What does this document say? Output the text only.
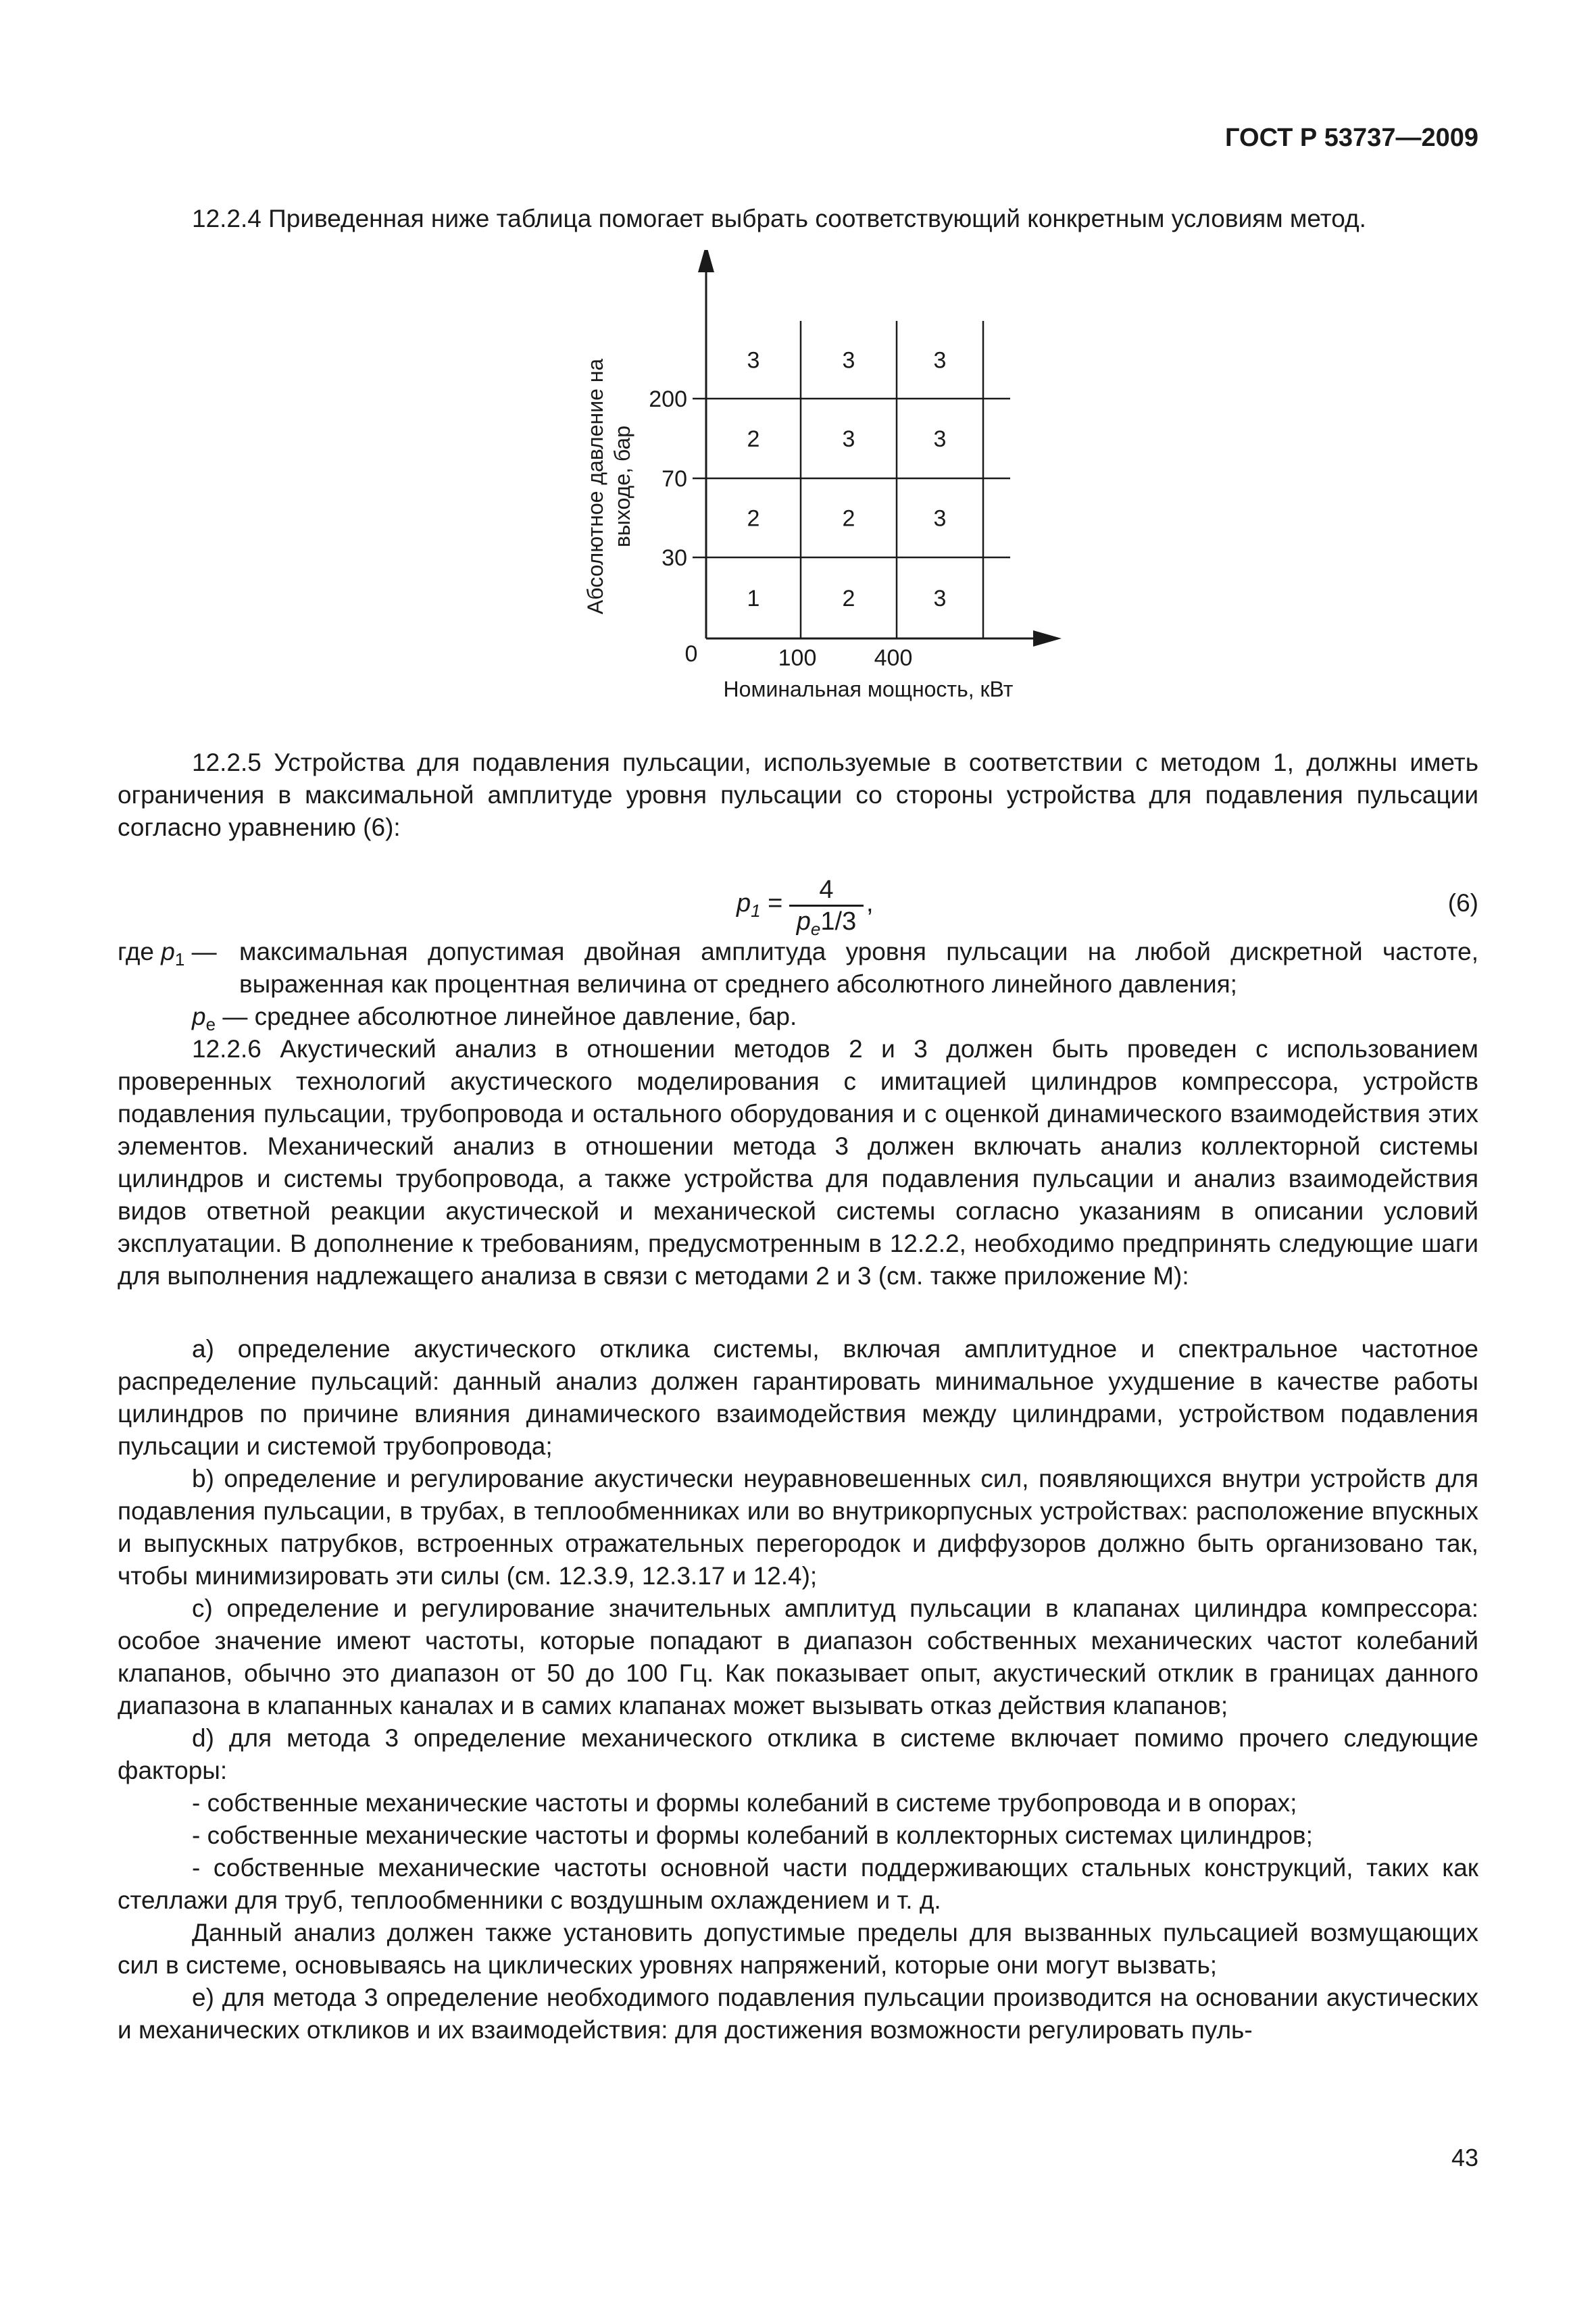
ГОСТ Р 53737—2009

12.2.4 Приведенная ниже таблица помогает выбрать соответствующий конкретным условиям метод.

3	3	3
2	3	3
2	2	3
1	2	3
30
70
200
0	100	400
Номинальная мощность, кВт
Абсолютное давление на выходе, бар

12.2.5 Устройства для подавления пульсации, используемые в соответствии с методом 1, должны иметь ограничения в максимальной амплитуде уровня пульсации со стороны устройства для подавления пульсации согласно уравнению (6):

$p_1$ =	4
$p_e1/3$
,	(6)
где $p_1$ — максимальная допустимая двойная амплитуда уровня пульсации на любой дискретной частоте, выраженная как процентная величина от среднего абсолютного линейного давления;
$p_e$ — среднее абсолютное линейное давление, бар.

12.2.6 Акустический анализ в отношении методов 2 и 3 должен быть проведен с использованием проверенных технологий акустического моделирования с имитацией цилиндров компрессора, устройств подавления пульсации, трубопровода и остального оборудования и с оценкой динамического взаимодействия этих элементов. Механический анализ в отношении метода 3 должен включать анализ коллекторной системы цилиндров и системы трубопровода, а также устройства для подавления пульсации и анализ взаимодействия видов ответной реакции акустической и механической системы согласно указаниям в описании условий эксплуатации. В дополнение к требованиям, предусмотренным в 12.2.2, необходимо предпринять следующие шаги для выполнения надлежащего анализа в связи с методами 2 и 3 (см. также приложение М):

а) определение акустического отклика системы, включая амплитудное и спектральное частотное распределение пульсаций: данный анализ должен гарантировать минимальное ухудшение в качестве работы цилиндров по причине влияния динамического взаимодействия между цилиндрами, устройством подавления пульсации и системой трубопровода;

b) определение и регулирование акустически неуравновешенных сил, появляющихся внутри устройств для подавления пульсации, в трубах, в теплообменниках или во внутрикорпусных устройствах: расположение впускных и выпускных патрубков, встроенных отражательных перегородок и диффузоров должно быть организовано так, чтобы минимизировать эти силы (см. 12.3.9, 12.3.17 и 12.4);

с) определение и регулирование значительных амплитуд пульсации в клапанах цилиндра компрессора: особое значение имеют частоты, которые попадают в диапазон собственных механических частот колебаний клапанов, обычно это диапазон от 50 до 100 Гц. Как показывает опыт, акустический отклик в границах данного диапазона в клапанных каналах и в самих клапанах может вызывать отказ действия клапанов;

d) для метода 3 определение механического отклика в системе включает помимо прочего следующие факторы:

- собственные механические частоты и формы колебаний в системе трубопровода и в опорах;

- собственные механические частоты и формы колебаний в коллекторных системах цилиндров;

- собственные механические частоты основной части поддерживающих стальных конструкций, таких как стеллажи для труб, теплообменники с воздушным охлаждением и т. д.

Данный анализ должен также установить допустимые пределы для вызванных пульсацией возмущающих сил в системе, основываясь на циклических уровнях напряжений, которые они могут вызвать;

е) для метода 3 определение необходимого подавления пульсации производится на основании акустических и механических откликов и их взаимодействия: для достижения возможности регулировать пуль-

43
